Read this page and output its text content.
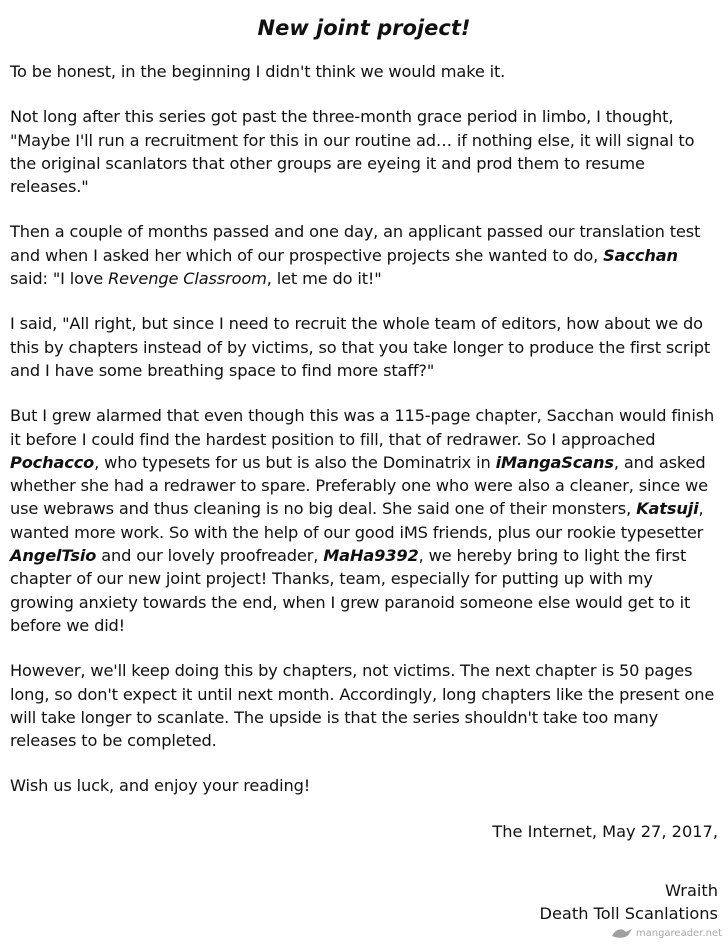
New joint project!

To be honest, in the beginning I didn't think we would make it.

Not long after this series got past the three-month grace period in limbo, I thought, "Maybe I'll run a recruitment for this in our routine ad… if nothing else, it will signal to the original scanlators that other groups are eyeing it and prod them to resume releases."

Then a couple of months passed and one day, an applicant passed our translation test and when I asked her which of our prospective projects she wanted to do, Sacchan said: "I love Revenge Classroom, let me do it!"

I said, "All right, but since I need to recruit the whole team of editors, how about we do this by chapters instead of by victims, so that you take longer to produce the first script and I have some breathing space to find more staff?"

But I grew alarmed that even though this was a 115-page chapter, Sacchan would finish it before I could find the hardest position to fill, that of redrawer. So I approached Pochacco, who typesets for us but is also the Dominatrix in iMangaScans, and asked whether she had a redrawer to spare. Preferably one who were also a cleaner, since we use webraws and thus cleaning is no big deal. She said one of their monsters, Katsuji, wanted more work. So with the help of our good iMS friends, plus our rookie typesetter AngelTsio and our lovely proofreader, MaHa9392, we hereby bring to light the first chapter of our new joint project! Thanks, team, especially for putting up with my growing anxiety towards the end, when I grew paranoid someone else would get to it before we did!

However, we'll keep doing this by chapters, not victims. The next chapter is 50 pages long, so don't expect it until next month. Accordingly, long chapters like the present one will take longer to scanlate. The upside is that the series shouldn't take too many releases to be completed.

Wish us luck, and enjoy your reading!

The Internet, May 27, 2017,

Wraith

Death Toll Scanlations

mangareader.net
